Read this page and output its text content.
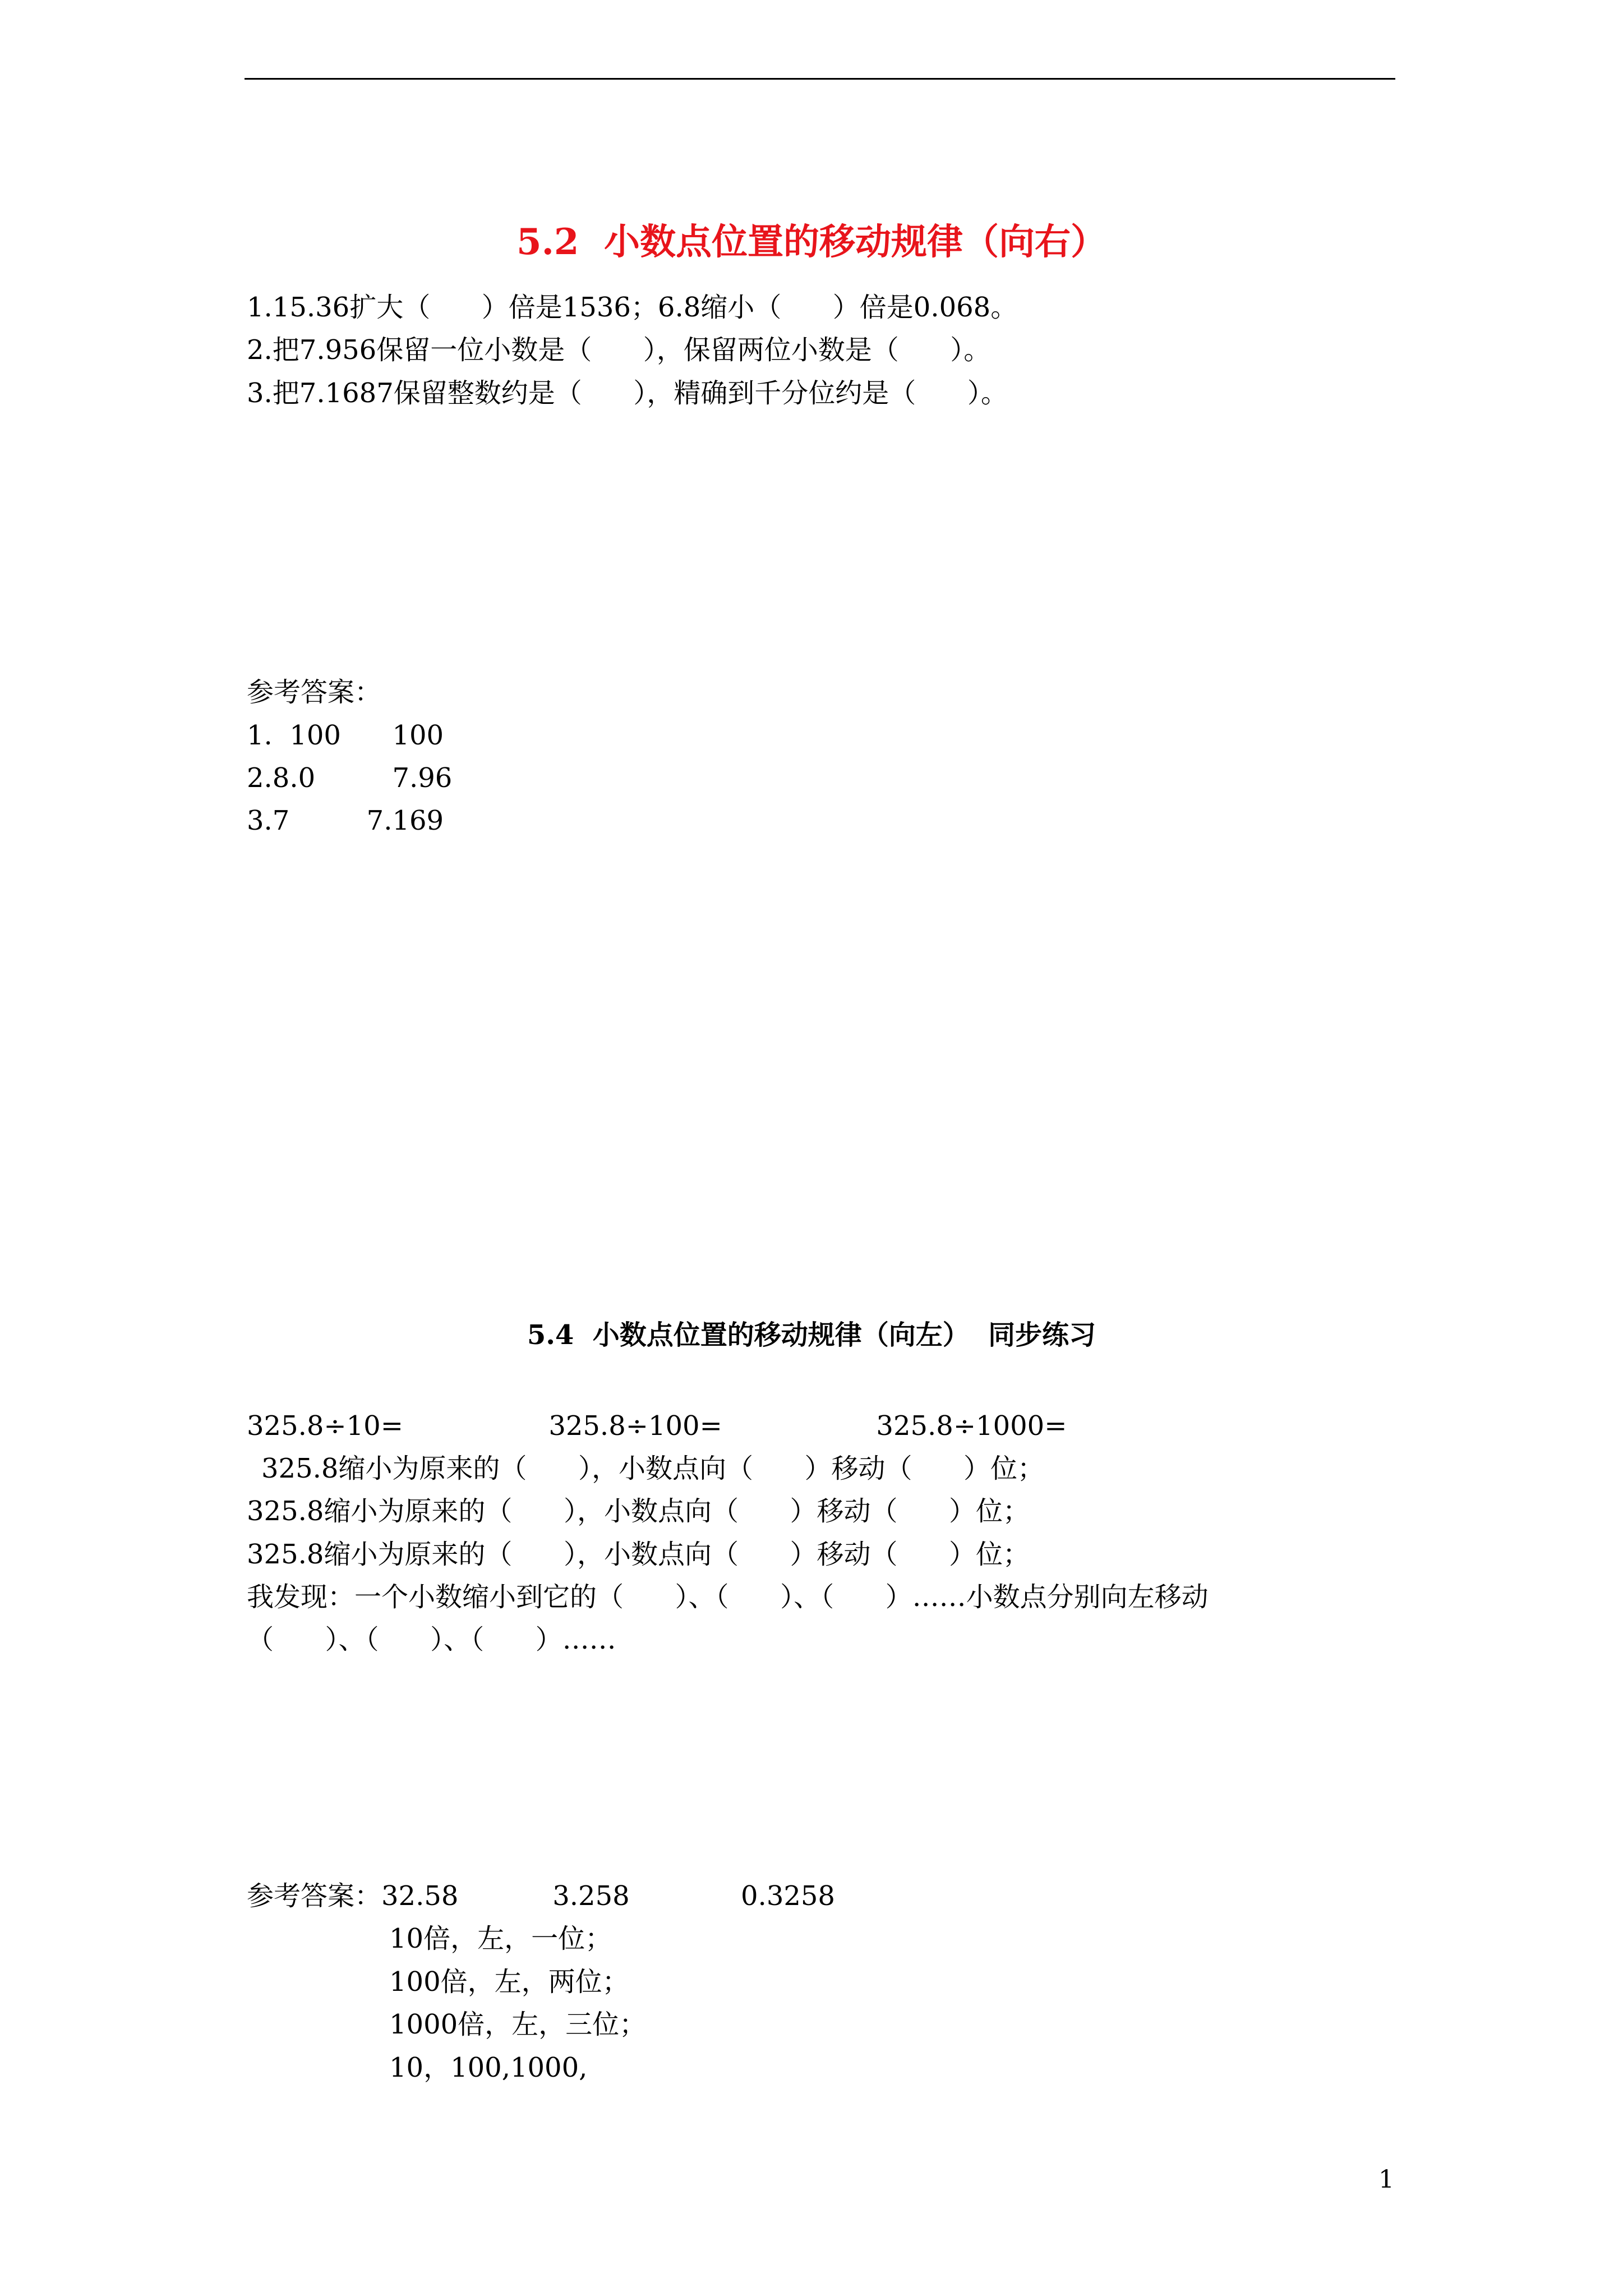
5.2  小数点位置的移动规律（向右）
1.15.36扩大（      ）倍是1536；6.8缩小（      ）倍是0.068。
2.把7.956保留一位小数是（      ），保留两位小数是（      ）。
3.把7.1687保留整数约是（      ），精确到千分位约是（      ）。
参考答案：
1.  100      100
2.8.0         7.96
3.7         7.169
5.4  小数点位置的移动规律（向左）  同步练习
325.8÷10=                 325.8÷100=                  325.8÷1000=
325.8缩小为原来的（      ），小数点向（      ）移动（      ）位；
325.8缩小为原来的（      ），小数点向（      ）移动（      ）位；
325.8缩小为原来的（      ），小数点向（      ）移动（      ）位；
我发现：一个小数缩小到它的（      ）、（      ）、（      ）……小数点分别向左移动
（      ）、（      ）、（      ）……
参考答案：32.58           3.258             0.3258
10倍，左，一位；
100倍，左，两位；
1000倍，左，三位；
10，100,1000,
1
